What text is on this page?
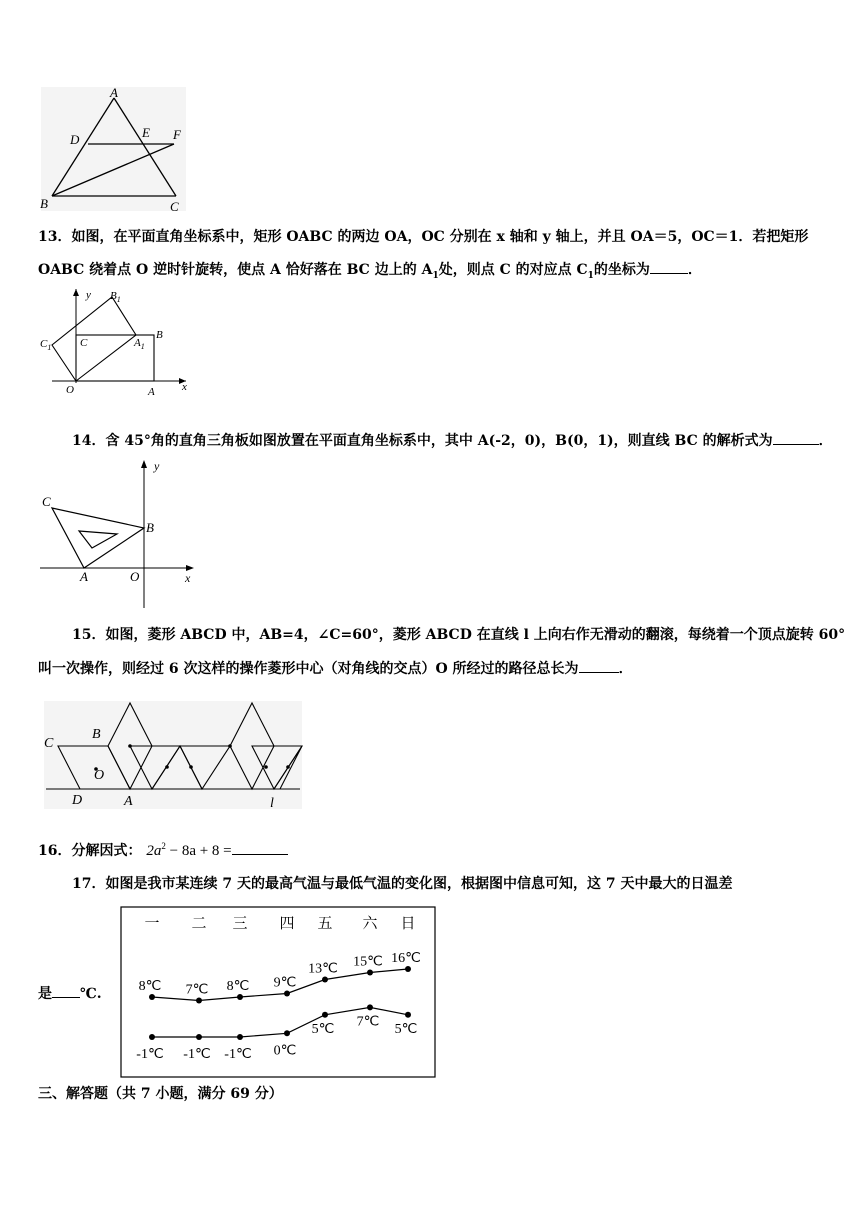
A
D	E F
B	C
13．如图，在平面直角坐标系中，矩形 OABC 的两边 OA，OC 分别在 x 轴和 y 轴上，并且 OA＝5，OC＝1．若把矩形
OABC 绕着点 O 逆时针旋转，使点 A 恰好落在 BC 边上的 $A_1$处，则点 C 的对应点 $C_1$的坐标为	．
y $B_1$
B
$C_1$	C	$A_1$
O	A x
14．含 45°角的直角三角板如图放置在平面直角坐标系中，其中 A(-2，0)，B(0，1)，则直线 BC 的解析式为	．
y
C
B
A	O	x
15．如图，菱形 ABCD 中，AB=4，∠C=60°，菱形 ABCD 在直线 l 上向右作无滑动的翻滚，每绕着一个顶点旋转 60°
叫一次操作，则经过 6 次这样的操作菱形中心（对角线的交点）O 所经过的路径总长为	．
C
B
O
D	A	l
16．分解因式： $2a^2 - 8a + 8$ =
17．如图是我市某连续 7 天的最高气温与最低气温的变化图，根据图中信息可知，这 7 天中最大的日温差
是 ℃.
一 二 三 四 五 六 日
8℃ 7℃ 8℃ 9℃
13℃ 15℃ 16℃
-1℃ -1℃ -1℃ 0℃
5℃ 7℃ 5℃
三、解答题（共 7 小题，满分 69 分）
